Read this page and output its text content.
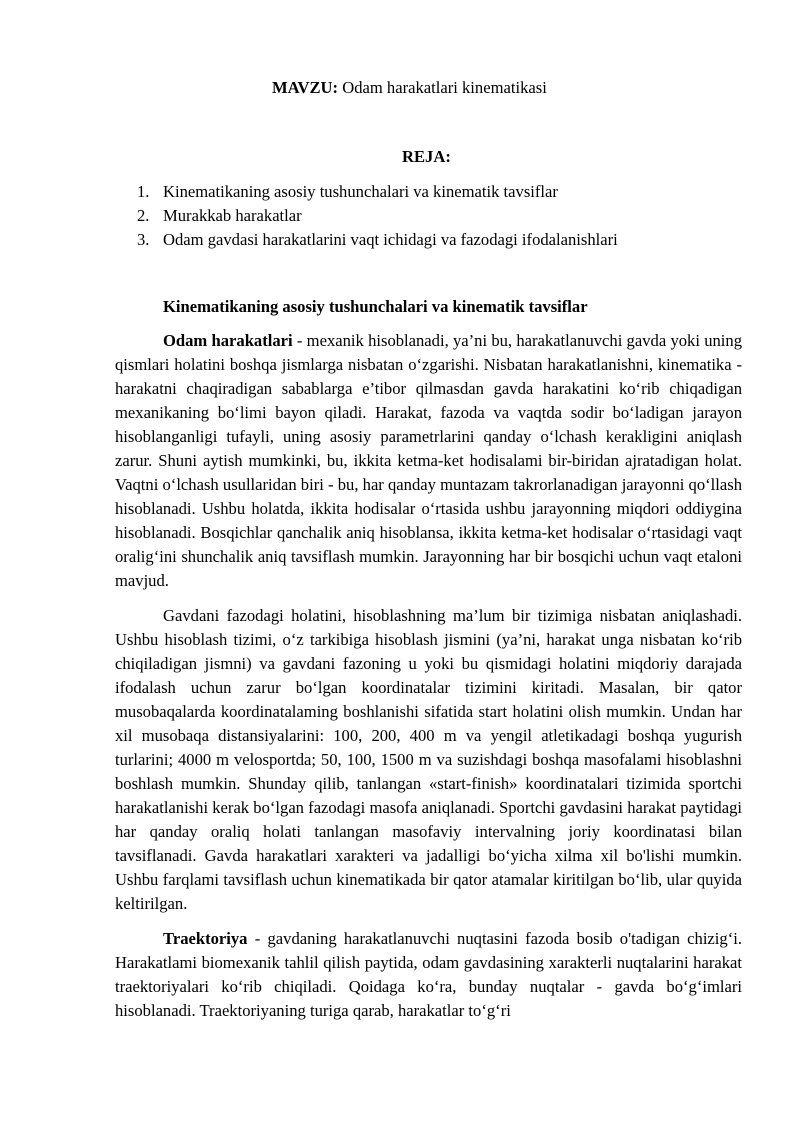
MAVZU: Odam harakatlari kinematikasi
REJA:
1. Kinematikaning asosiy tushunchalari va kinematik tavsiflar
2. Murakkab harakatlar
3. Odam gavdasi harakatlarini vaqt ichidagi va fazodagi ifodalanishlari
Kinematikaning asosiy tushunchalari va kinematik tavsiflar

Odam harakatlari - mexanik hisoblanadi, ya’ni bu, harakatlanuvchi gavda yoki uning qismlari holatini boshqa jismlarga nisbatan o‘zgarishi. Nisbatan harakatlanishni, kinematika - harakatni chaqiradigan sabablarga e’tibor qilmasdan gavda harakatini ko‘rib chiqadigan mexanikaning bo‘limi bayon qiladi. Harakat, fazoda va vaqtda sodir bo‘ladigan jarayon hisoblanganligi tufayli, uning asosiy parametrlarini qanday o‘lchash kerakligini aniqlash zarur. Shuni aytish mumkinki, bu, ikkita ketma-ket hodisalami bir-biridan ajratadigan holat. Vaqtni o‘lchash usullaridan biri - bu, har qanday muntazam takrorlanadigan jarayonni qo‘llash hisoblanadi. Ushbu holatda, ikkita hodisalar o‘rtasida ushbu jarayonning miqdori oddiygina hisoblanadi. Bosqichlar qanchalik aniq hisoblansa, ikkita ketma-ket hodisalar o‘rtasidagi vaqt oralig‘ini shunchalik aniq tavsiflash mumkin. Jarayonning har bir bosqichi uchun vaqt etaloni mavjud.

Gavdani fazodagi holatini, hisoblashning ma’lum bir tizimiga nisbatan aniqlashadi. Ushbu hisoblash tizimi, o‘z tarkibiga hisoblash jismini (ya’ni, harakat unga nisbatan ko‘rib chiqiladigan jismni) va gavdani fazoning u yoki bu qismidagi holatini miqdoriy darajada ifodalash uchun zarur bo‘lgan koordinatalar tizimini kiritadi. Masalan, bir qator musobaqalarda koordinatalaming boshlanishi sifatida start holatini olish mumkin. Undan har xil musobaqa distansiyalarini: 100, 200, 400 m va yengil atletikadagi boshqa yugurish turlarini; 4000 m velosportda; 50, 100, 1500 m va suzishdagi boshqa masofalami hisoblashni boshlash mumkin. Shunday qilib, tanlangan «start-finish» koordinatalari tizimida sportchi harakatlanishi kerak bo‘lgan fazodagi masofa aniqlanadi. Sportchi gavdasini harakat paytidagi har qanday oraliq holati tanlangan masofaviy intervalning joriy koordinatasi bilan tavsiflanadi. Gavda harakatlari xarakteri va jadalligi bo‘yicha xilma xil bo'lishi mumkin. Ushbu farqlami tavsiflash uchun kinematikada bir qator atamalar kiritilgan bo‘lib, ular quyida keltirilgan.

Traektoriya - gavdaning harakatlanuvchi nuqtasini fazoda bosib o'tadigan chizig‘i. Harakatlami biomexanik tahlil qilish paytida, odam gavdasining xarakterli nuqtalarini harakat traektoriyalari ko‘rib chiqiladi. Qoidaga ko‘ra, bunday nuqtalar - gavda bo‘g‘imlari hisoblanadi. Traektoriyaning turiga qarab, harakatlar to‘g‘ri
